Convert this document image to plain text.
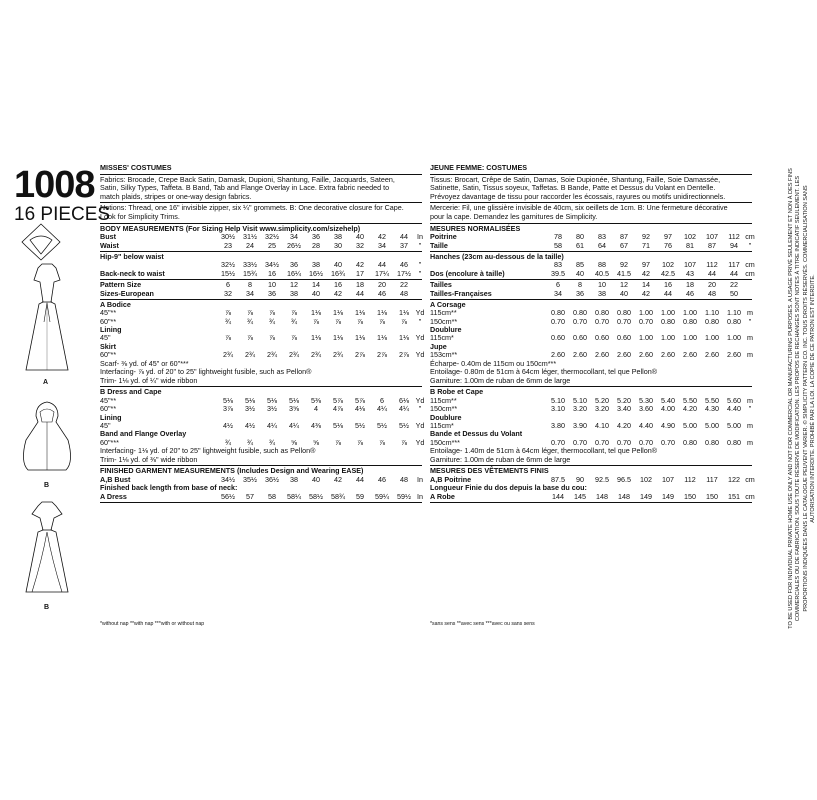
1008
16 PIECES
A
B
B
MISSES' COSTUMES
Fabrics: Brocade, Crepe Back Satin, Damask, Dupioni, Shantung, Faille, Jacquards, Sateen,
Satin, Silky Types, Taffeta. B Band, Tab and Flange Overlay in Lace. Extra fabric needed to
match plaids, stripes or one-way design fabrics.
Notions: Thread, one 16" invisible zipper, six ¼" grommets. B: One decorative closure for Cape.
Look for Simplicity Trims.
BODY MEASUREMENTS (For Sizing Help Visit www.simplicity.com/sizehelp)
Bust	30½	31½	32½	34	36	38	40	42	44	In
Waist	23	24	25	26½	28	30	32	34	37	"
Hip-9" below waist
32½	33½	34½	36	38	40	42	44	46	"
Back-neck to waist	15½	15¾	16	16¼	16½	16¾	17	17¼	17½	"
Pattern Size	6	8	10	12	14	16	18	20	22
Sizes-European	32	34	36	38	40	42	44	46	48
A Bodice
45"**	⅞	⅞	⅞	⅞	1⅛	1⅛	1⅛	1⅛	1⅛ Yd
60"**	¾	¾	¾	¾	⅞	⅞	⅞	⅞	⅞	"
Lining
45"	⅞	⅞	⅞	⅞	1⅛	1⅛	1⅛	1⅛	1⅛ Yd
Skirt
60"**	2¾	2¾	2¾	2¾	2¾	2¾	2⅞	2⅞	2⅞ Yd
Scarf- ⅜ yd. of 45" or 60"***
Interfacing- ⅞ yd. of 20" to 25" lightweight fusible, such as Pellon®
Trim- 1⅛ yd. of ¼" wide ribbon
B Dress and Cape
45"**	5⅛	5⅛	5⅛	5⅛	5⅜	5⅞	5⅞	6	6⅛ Yd
60"**	3⅞	3½	3½	3⅝	4	4⅞	4⅛	4¼	4¼	"
Lining
45"	4½	4½	4¼	4¼	4⅜	5⅛	5½	5½	5½ Yd
Band and Flange Overlay
60"***	¾	¾	¾	⅝	⅝	⅞	⅞	⅞	⅞	Yd
Interfacing- 1⅛ yd. of 20" to 25" lightweight fusible, such as Pellon®
Trim- 1⅛ yd. of ⅜" wide ribbon
FINISHED GARMENT MEASUREMENTS (Includes Design and Wearing EASE)
A,B Bust	34½	35½	36½	38	40	42	44	46	48	In
Finished back length from base of neck:
A Dress	56½	57	58	58¼	58½	58¾	59	59¼	59½ In
JEUNE FEMME: COSTUMES
Tissus: Brocart, Crêpe de Satin, Damas, Soie Dupionée, Shantung, Faille, Soie Damassée,
Satinette, Satin, Tissus soyeux, Taffetas. B Bande, Patte et Dessus du Volant en Dentelle.
Prévoyez davantage de tissu pour raccorder les écossais, rayures ou motifs unidirectionnels.
Mercerie: Fil, une glissière invisible de 40cm, six oeillets de 1cm. B: Une fermeture décorative
pour la cape. Demandez les garnitures de Simplicity.
MESURES NORMALISÉES
Poitrine	78	80	83	87	92	97	102	107	112 cm
Taille	58	61	64	67	71	76	81	87	94	"
Hanches (23cm au-dessous de la taille)
83	85	88	92	97	102	107	112	117 cm
Dos (encolure à taille)	39.5	40	40.5	41.5	42	42.5	43	44	44	cm
Tailles	6	8	10	12	14	16	18	20	22
Tailles-Françaises	34	36	38	40	42	44	46	48	50
A Corsage
115cm**	0.80	0.80	0.80	0.80	1.00	1.00	1.00	1.10	1.10 m
150cm**	0.70	0.70	0.70	0.70	0.70	0.80	0.80	0.80	0.80	"
Doublure
115cm*	0.60	0.60	0.60	0.60	1.00	1.00	1.00	1.00	1.00 m
Jupe
153cm**	2.60	2.60	2.60	2.60	2.60	2.60	2.60	2.60	2.60 m
Écharpe- 0.40m de 115cm ou 150cm***
Entoilage- 0.80m de 51cm à 64cm léger, thermocollant, tel que Pellon®
Garniture: 1.00m de ruban de 6mm de large
B Robe et Cape
115cm**	5.10	5.10	5.20	5.20	5.30	5.40	5.50	5.50	5.60 m
150cm**	3.10	3.20	3.20	3.40	3.60	4.00	4.20	4.30	4.40	"
Doublure
115cm*	3.80	3.90	4.10	4.20	4.40	4.90	5.00	5.00	5.00 m
Bande et Dessus du Volant
150cm***	0.70	0.70	0.70	0.70	0.70	0.70	0.80	0.80	0.80 m
Entoilage- 1.40m de 51cm à 64cm léger, thermocollant, tel que Pellon®
Garniture: 1.00m de ruban de 6mm de large
MESURES DES VÊTEMENTS FINIS
A,B Poitrine	87.5	90	92.5	96.5	102	107	112	117	122 cm
Longueur Finie du dos depuis la base du cou:
A Robe	144	145	148	148	149	149	150	150	151 cm
*without nap **with nap ***with or without nap	*sans sens **avec sens ***avec ou sans sens	TO BE USED FOR INDIVIDUAL PRIVATE HOME USE ONLY AND NOT FOR COMMERCIAL OR MANUFACTURING PURPOSES. A USAGE PRIVÉ SEULEMENT ET NON À DES FINS COMMERCIALES OU DE FABRICATION. SOUS TOUTE RÉSERVE DE MODIFICATION. LES PROPOS DE RECHANGES SONT NOTES À TITRE INDICATIF SEULEMENT. LES PROPORTIONS INDIQUÉES DANS LE CATALOGUE PEUVENT VARIER. © SIMPLICITY PATTERN CO. INC. TOUS DROITS RÉSERVÉS. COMMERCIALISATION SANS AUTORISATION INTERDITE. PROHIBÉ PAR LA LOI. LA COPIE DE CE PATRON EST INTERDITE.
